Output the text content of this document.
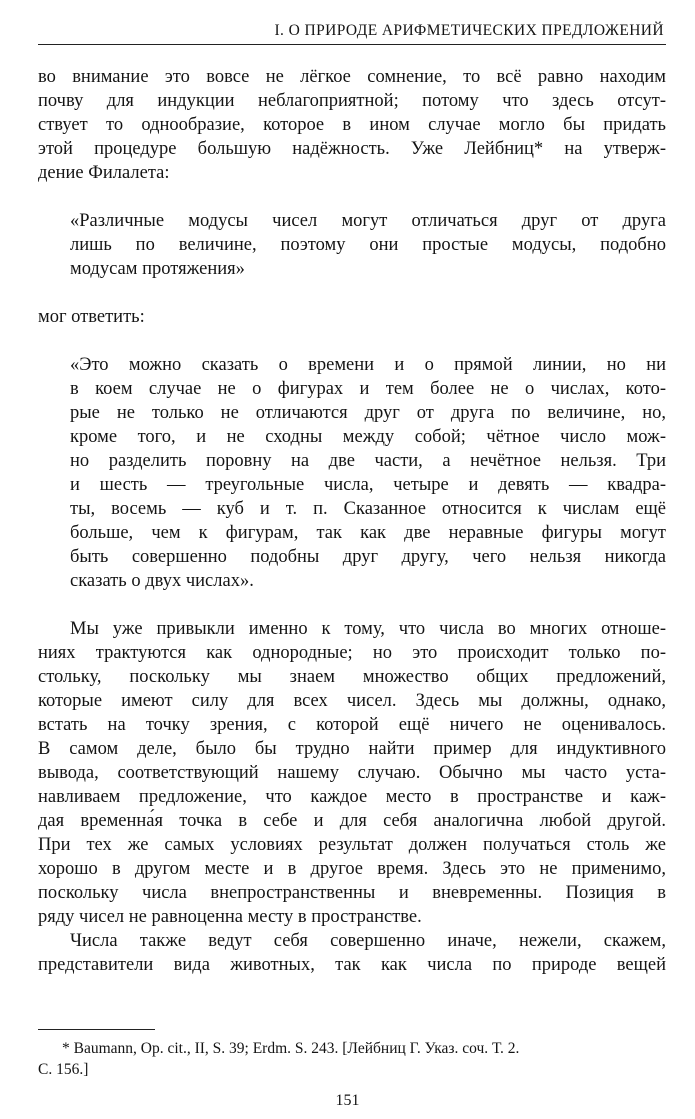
I. О ПРИРОДЕ АРИФМЕТИЧЕСКИХ ПРЕДЛОЖЕНИЙ
во внимание это вовсе не лёгкое сомнение, то всё равно находим
почву для индукции неблагоприятной; потому что здесь отсут-
ствует то однообразие, которое в ином случае могло бы придать
этой процедуре большую надёжность. Уже Лейбниц* на утверж-
дение Филалета:
«Различные модусы чисел могут отличаться друг от друга
лишь по величине, поэтому они простые модусы, подобно
модусам протяжения»
мог ответить:
«Это можно сказать о времени и о прямой линии, но ни
в коем случае не о фигурах и тем более не о числах, кото-
рые не только не отличаются друг от друга по величине, но,
кроме того, и не сходны между собой; чётное число мож-
но разделить поровну на две части, а нечётное нельзя. Три
и шесть — треугольные числа, четыре и девять — квадра-
ты, восемь — куб и т. п. Сказанное относится к числам ещё
больше, чем к фигурам, так как две неравные фигуры могут
быть совершенно подобны друг другу, чего нельзя никогда
сказать о двух числах».
Мы уже привыкли именно к тому, что числа во многих отноше-
ниях трактуются как однородные; но это происходит только по-
стольку, поскольку мы знаем множество общих предложений,
которые имеют силу для всех чисел. Здесь мы должны, однако,
встать на точку зрения, с которой ещё ничего не оценивалось.
В самом деле, было бы трудно найти пример для индуктивного
вывода, соответствующий нашему случаю. Обычно мы часто уста-
навливаем предложение, что каждое место в пространстве и каж-
дая временна́я точка в себе и для себя аналогична любой другой.
При тех же самых условиях результат должен получаться столь же
хорошо в другом месте и в другое время. Здесь это не применимо,
поскольку числа внепространственны и вневременны. Позиция в
ряду чисел не равноценна месту в пространстве.
Числа также ведут себя совершенно иначе, нежели, скажем,
представители вида животных, так как числа по природе вещей
* Baumann, Op. cit., II, S. 39; Erdm. S. 243. [Лейбниц Г. Указ. соч. Т. 2.
С. 156.]
151
